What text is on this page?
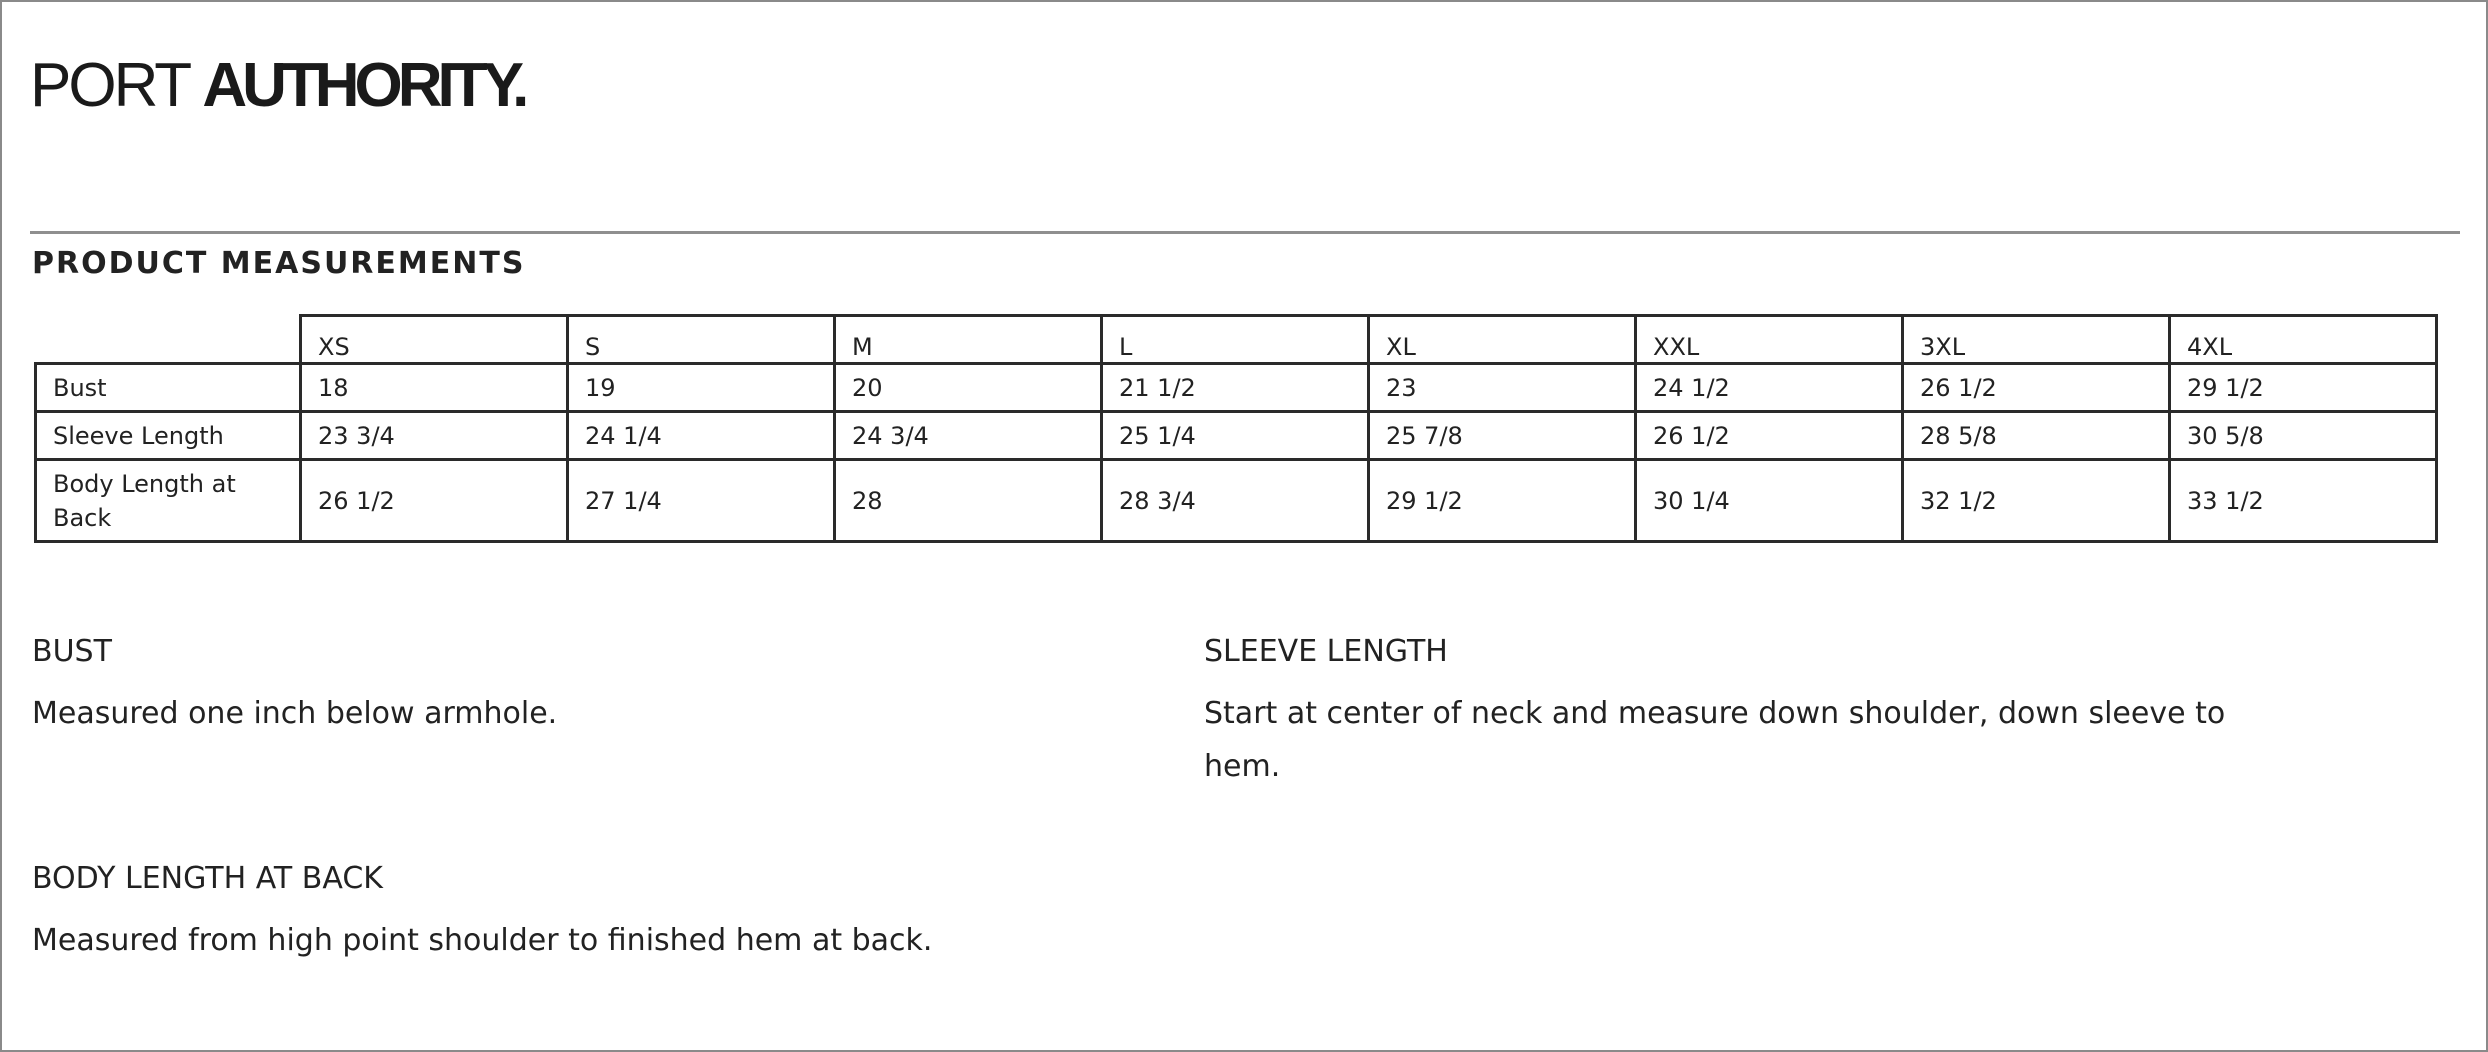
PORT AUTHORITY.
PRODUCT MEASUREMENTS
	XS	S	M	L	XL	XXL	3XL	4XL
Bust	18	19	20	21 1/2	23	24 1/2	26 1/2	29 1/2
Sleeve Length	23 3/4	24 1/4	24 3/4	25 1/4	25 7/8	26 1/2	28 5/8	30 5/8
Body Length at Back	26 1/2	27 1/4	28	28 3/4	29 1/2	30 1/4	32 1/2	33 1/2
BUST
Measured one inch below armhole.
SLEEVE LENGTH
Start at center of neck and measure down shoulder, down sleeve to hem.
BODY LENGTH AT BACK
Measured from high point shoulder to finished hem at back.
